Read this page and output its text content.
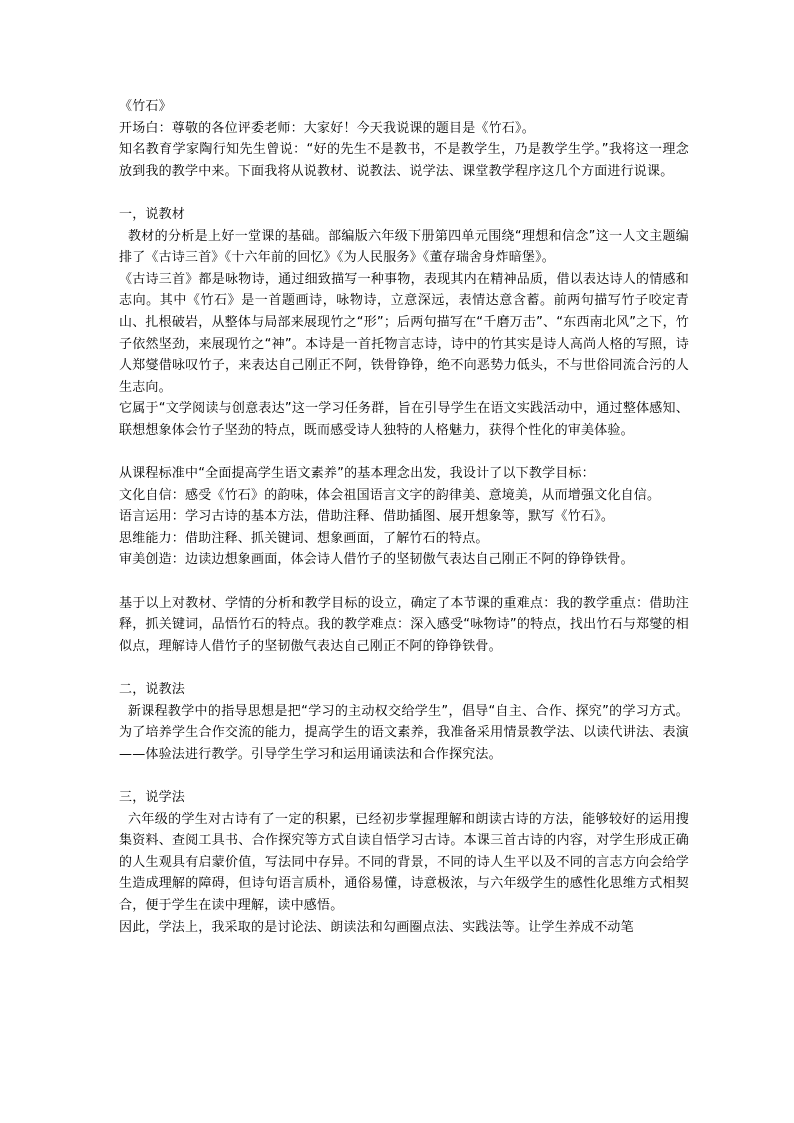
《竹石》

开场白：尊敬的各位评委老师：大家好！今天我说课的题目是《竹石》。

知名教育学家陶行知先生曾说：“好的先生不是教书，不是教学生，乃是教学生学。”我将这一理念放到我的教学中来。下面我将从说教材、说教法、说学法、课堂教学程序这几个方面进行说课。

一，说教材

教材的分析是上好一堂课的基础。部编版六年级下册第四单元围绕“理想和信念”这一人文主题编排了《古诗三首》《十六年前的回忆》《为人民服务》《董存瑞舍身炸暗堡》。

《古诗三首》都是咏物诗，通过细致描写一种事物，表现其内在精神品质，借以表达诗人的情感和志向。其中《竹石》是一首题画诗，咏物诗，立意深远，表情达意含蓄。前两句描写竹子咬定青山、扎根破岩，从整体与局部来展现竹之“形”；后两句描写在“千磨万击”、“东西南北风”之下，竹子依然坚劲，来展现竹之“神”。本诗是一首托物言志诗，诗中的竹其实是诗人高尚人格的写照，诗人郑燮借咏叹竹子，来表达自己刚正不阿，铁骨铮铮，绝不向恶势力低头，不与世俗同流合污的人生志向。

它属于“文学阅读与创意表达”这一学习任务群，旨在引导学生在语文实践活动中，通过整体感知、联想想象体会竹子坚劲的特点，既而感受诗人独特的人格魅力，获得个性化的审美体验。

从课程标准中“全面提高学生语文素养”的基本理念出发，我设计了以下教学目标：

文化自信：感受《竹石》的韵味，体会祖国语言文字的韵律美、意境美，从而增强文化自信。

语言运用：学习古诗的基本方法，借助注释、借助插图、展开想象等，默写《竹石》。

思维能力：借助注释、抓关键词、想象画面，了解竹石的特点。

审美创造：边读边想象画面，体会诗人借竹子的坚韧傲气表达自己刚正不阿的铮铮铁骨。

基于以上对教材、学情的分析和教学目标的设立，确定了本节课的重难点：我的教学重点：借助注释，抓关键词，品悟竹石的特点。我的教学难点：深入感受“咏物诗”的特点，找出竹石与郑燮的相似点，理解诗人借竹子的坚韧傲气表达自己刚正不阿的铮铮铁骨。

二，说教法

新课程教学中的指导思想是把“学习的主动权交给学生”，倡导“自主、合作、探究”的学习方式。为了培养学生合作交流的能力，提高学生的语文素养，我准备采用情景教学法、以读代讲法、表演——体验法进行教学。引导学生学习和运用诵读法和合作探究法。

三，说学法

六年级的学生对古诗有了一定的积累，已经初步掌握理解和朗读古诗的方法，能够较好的运用搜集资料、查阅工具书、合作探究等方式自读自悟学习古诗。本课三首古诗的内容，对学生形成正确的人生观具有启蒙价值，写法同中存异。不同的背景，不同的诗人生平以及不同的言志方向会给学生造成理解的障碍，但诗句语言质朴，通俗易懂，诗意极浓，与六年级学生的感性化思维方式相契合，便于学生在读中理解，读中感悟。

因此，学法上，我采取的是讨论法、朗读法和勾画圈点法、实践法等。让学生养成不动笔
